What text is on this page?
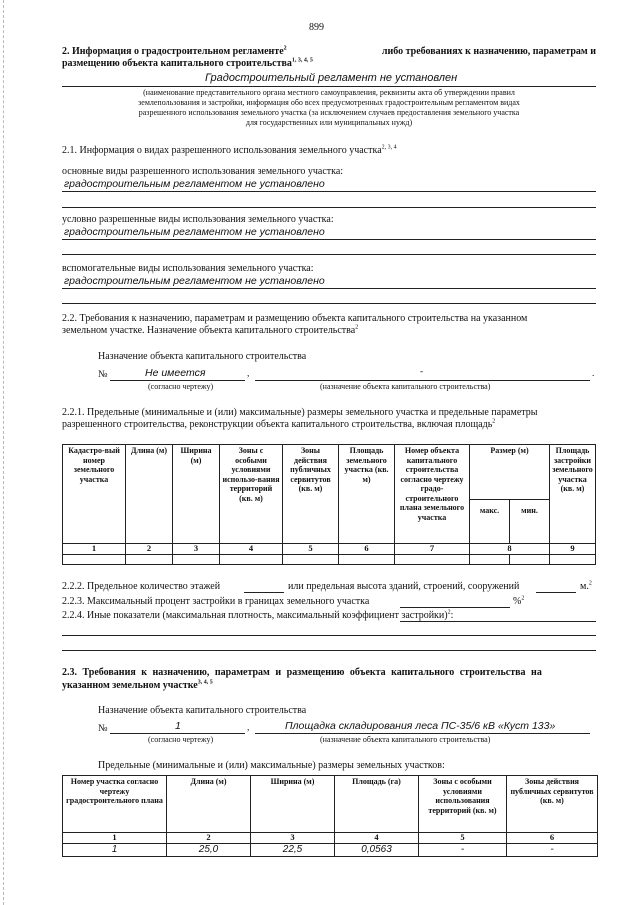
899
2. Информация о градостроительном регламенте$^2$	либо требованиях к назначению, параметрам и
размещению объекта капитального строительства$^{1, 3, 4, 5}$
Градостроительный регламент не установлен
(наименование представительного органа местного самоуправления, реквизиты акта об утверждении правил
землепользования и застройки, информация обо всех предусмотренных градостроительным регламентом видах
разрешенного использования земельного участка (за исключением случаев предоставления земельного участка
для государственных или муниципальных нужд)
2.1. Информация о видах разрешенного использования земельного участка$^{2, 3, 4}$
основные виды разрешенного использования земельного участка:
градостроительным регламентом не установлено
условно разрешенные виды использования земельного участка:
градостроительным регламентом не установлено
вспомогательные виды использования земельного участка:
градостроительным регламентом не установлено
2.2. Требования к назначению, параметрам и размещению объекта капитального строительства на указанном
земельном участке. Назначение объекта капитального строительства$^2$
Назначение объекта капитального строительства
№	Не имеется	,	-	.
(согласно чертежу)	(назначение объекта капитального строительства)
2.2.1. Предельные (минимальные и (или) максимальные) размеры земельного участка и предельные параметры
разрешенного строительства, реконструкции объекта капитального строительства, включая площадь$^2$
Кадастро-вый номер земельного участка	Длина (м)	Ширина (м)	Зоны с особыми условиями использо-вания территорий (кв. м)	Зоны действия публичных сервитутов (кв. м)	Площадь земельного участка (кв. м)	Номер объекта капитального строительства согласно чертежу градо-строительного плана земельного участка	Размер (м)		Площадь застройки земельного участка (кв. м)
							макс.	мин.	
1	2	3	4	5	6	7	8		9

2.2.2. Предельное количество этажей	или предельная высота зданий, строений, сооружений	м.$^2$
2.2.3. Максимальный процент застройки в границах земельного участка	%$^2$
2.2.4. Иные показатели (максимальная плотность, максимальный коэффициент застройки)$^2$:
2.3. Требования к назначению, параметрам и размещению объекта капитального строительства на
указанном земельном участке$^{3, 4, 5}$
Назначение объекта капитального строительства
№	1	,	Площадка складирования леса ПС-35/6 кВ «Куст 133»
(согласно чертежу)	(назначение объекта капитального строительства)
Предельные (минимальные и (или) максимальные) размеры земельных участков:
Номер участка согласно чертежу градостроительного плана	Длина (м)	Ширина (м)	Площадь (га)	Зоны с особыми условиями использования территорий (кв. м)	Зоны действия публичных сервитутов (кв. м)
1	2	3	4	5	6
1	25,0	22,5	0,0563	-	-
